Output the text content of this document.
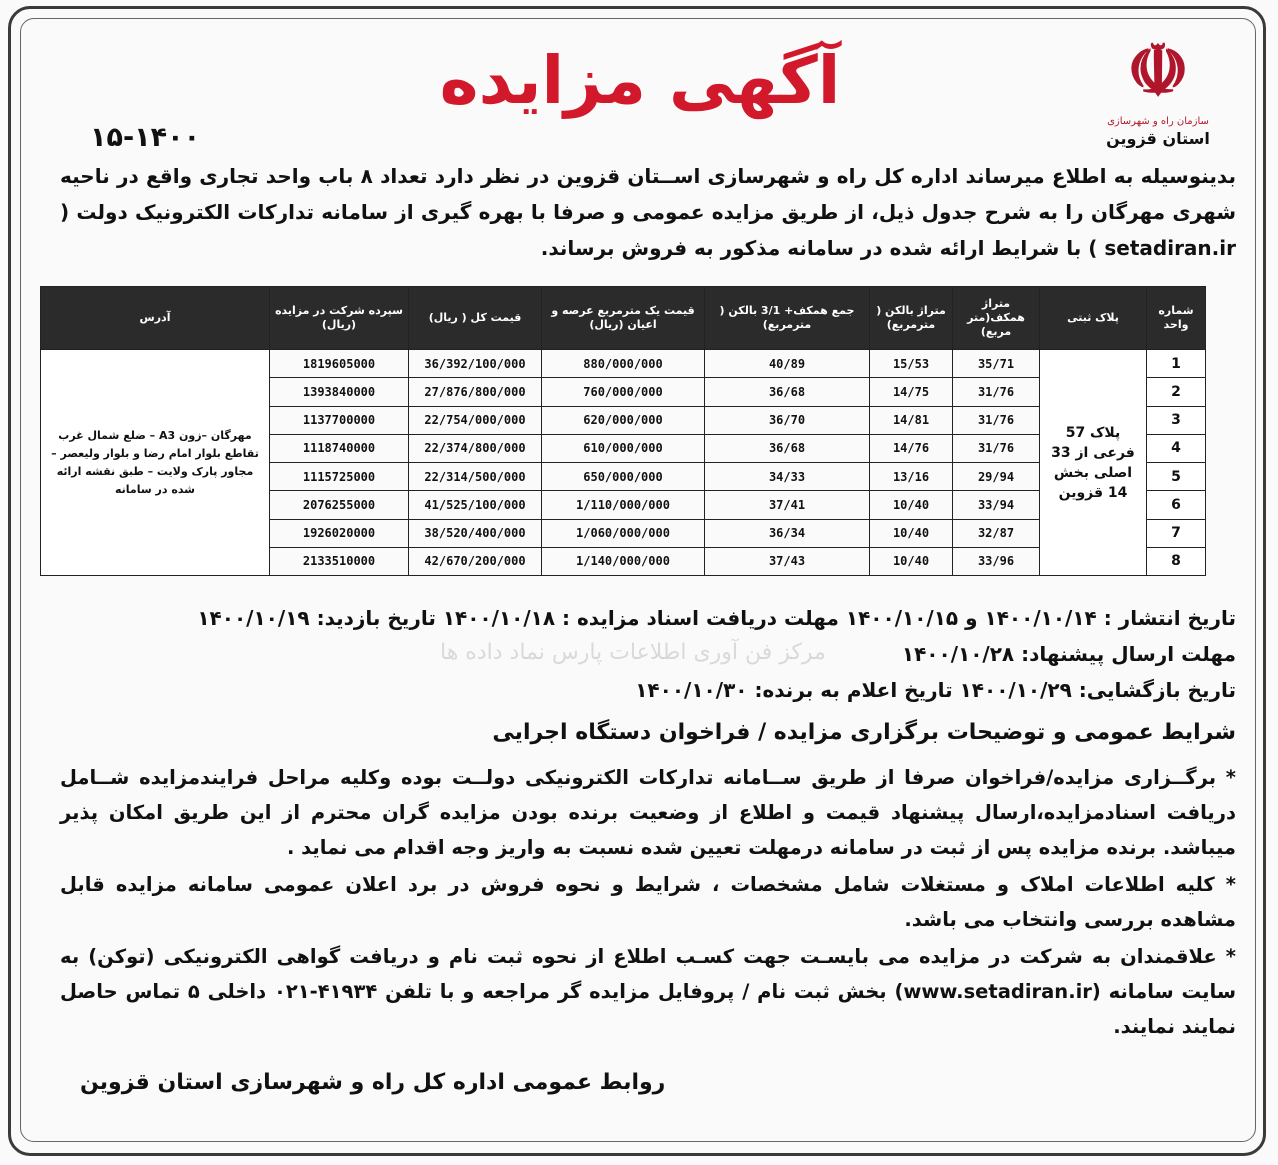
☫
سازمان راه و شهرسازی
استان قزوین
آگهی مزایده
۱۵-۱۴۰۰
بدینوسیله به اطلاع میرساند اداره کل راه و شهرسازی اســتان قزوین در نظر دارد تعداد ۸ باب واحد تجاری واقع در ناحیه شهری مهرگان را به شرح جدول ذیل، از طریق مزایده عمومی و صرفا با بهره گیری از سامانه تدارکات الکترونیک دولت ( setadiran.ir ) با شرایط ارائه شده در سامانه مذکور به فروش برساند.
شماره واحد	پلاک ثبتی	متراژ همکف(متر مربع)	متراژ بالکن ( مترمربع)	جمع همکف+ 3/1 بالکن ( مترمربع)	قیمت یک مترمربع عرصه و اعیان (ریال)	قیمت کل ( ریال)	سپرده شرکت در مزایده (ریال)	آدرس
1	پلاک 57 فرعی از 33 اصلی بخش 14 قزوین	35/71	15/53	40/89	880/000/000	36/392/100/000	1819605000	مهرگان –زون A3 – ضلع شمال غرب تقاطع بلوار امام رضا و بلوار ولیعصر – مجاور پارک ولایت – طبق نقشه ارائه شده در سامانه
2		31/76	14/75	36/68	760/000/000	27/876/800/000	1393840000	
3		31/76	14/81	36/70	620/000/000	22/754/000/000	1137700000	
4		31/76	14/76	36/68	610/000/000	22/374/800/000	1118740000	
5		29/94	13/16	34/33	650/000/000	22/314/500/000	1115725000	
6		33/94	10/40	37/41	1/110/000/000	41/525/100/000	2076255000	
7		32/87	10/40	36/34	1/060/000/000	38/520/400/000	1926020000	
8		33/96	10/40	37/43	1/140/000/000	42/670/200/000	2133510000	
تاریخ انتشار : ۱۴۰۰/۱۰/۱۴ و ۱۴۰۰/۱۰/۱۵ مهلت دریافت اسناد مزایده : ۱۴۰۰/۱۰/۱۸ تاریخ بازدید: ۱۴۰۰/۱۰/۱۹
مهلت ارسال پیشنهاد: ۱۴۰۰/۱۰/۲۸
تاریخ بازگشایی: ۱۴۰۰/۱۰/۲۹ تاریخ اعلام به برنده: ۱۴۰۰/۱۰/۳۰
مرکز فن آوری اطلاعات پارس نماد داده ها
شرایط عمومی و توضیحات برگزاری مزایده / فراخوان دستگاه اجرایی

* برگــزاری مزایده/فراخوان صرفا از طریق ســامانه تدارکات الکترونیکی دولــت بوده وکلیه مراحل فرایندمزایده شــامل دریافت اسنادمزایده،ارسال پیشنهاد قیمت و اطلاع از وضعیت برنده بودن مزایده گران محترم از این طریق امکان پذیر میباشد. برنده مزایده پس از ثبت در سامانه درمهلت تعیین شده نسبت به واریز وجه اقدام می نماید .

* کلیه اطلاعات املاک و مستغلات شامل مشخصات ، شرایط و نحوه فروش در برد اعلان عمومی سامانه مزایده قابل مشاهده بررسی وانتخاب می باشد.

* علاقمندان به شرکت در مزایده می بایسـت جهت کسـب اطلاع از نحوه ثبت نام و دریافت گواهی الکترونیکی (توکن) به سایت سامانه (www.setadiran.ir) بخش ثبت نام / پروفایل مزایده گر مراجعه و با تلفن ۴۱۹۳۴-۰۲۱ داخلی ۵ تماس حاصل نمایند نمایند.

روابط عمومی اداره کل راه و شهرسازی استان قزوین
